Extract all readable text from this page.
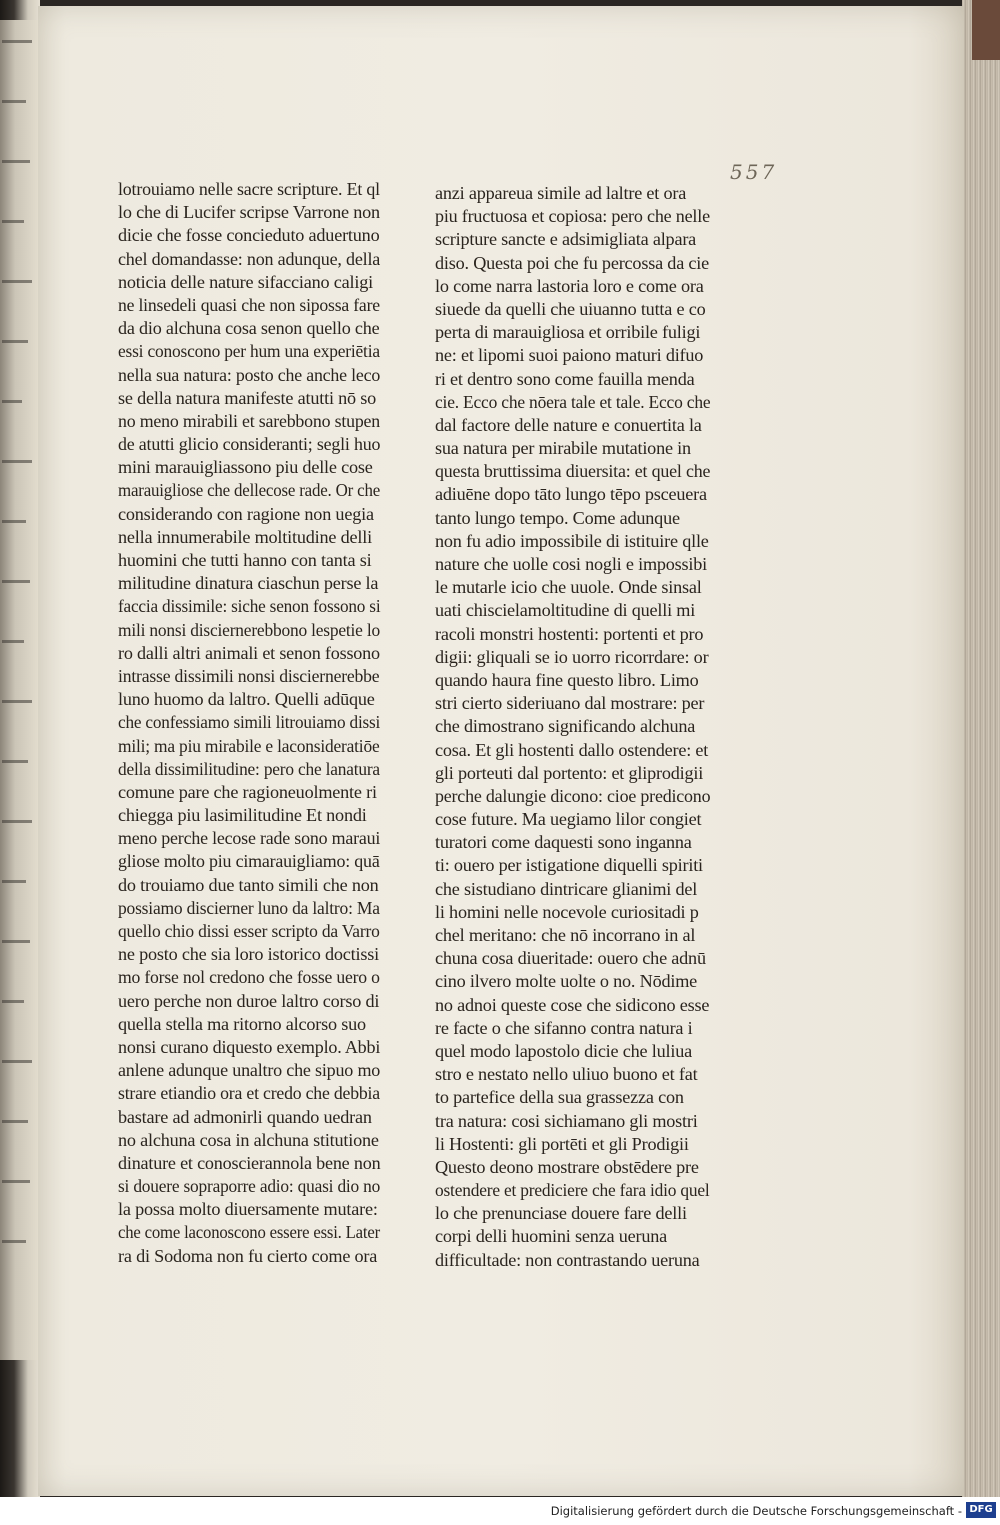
557
lotrouiamo nelle sacre scripture. Et ql
lo che di Lucifer scripse Varrone non
dicie che fosse concieduto aduertuno
chel domandasse: non adunque, della
noticia delle nature sifacciano caligi
ne linsedeli quasi che non sipossa fare
da dio alchuna cosa senon quello che
essi conoscono per hum una experiētia
nella sua natura: posto che anche leco
se della natura manifeste atutti nō so
no meno mirabili et sarebbono stupen
de atutti glicio consideranti; segli huo
mini marauigliassono piu delle cose
marauigliose che dellecose rade. Or che
considerando con ragione non uegia
nella innumerabile moltitudine delli
huomini che tutti hanno con tanta si
militudine dinatura ciaschun perse la
faccia dissimile: siche senon fossono si
mili nonsi disciernerebbono lespetie lo
ro dalli altri animali et senon fossono
intrasse dissimili nonsi disciernerebbe
luno huomo da laltro. Quelli adūque
che confessiamo simili litrouiamo dissi
mili; ma piu mirabile e laconsideratiōe
della dissimilitudine: pero che lanatura
comune pare che ragioneuolmente ri
chiegga piu lasimilitudine Et nondi
meno perche lecose rade sono maraui
gliose molto piu cimarauigliamo: quā
do trouiamo due tanto simili che non
possiamo discierner luno da laltro: Ma
quello chio dissi esser scripto da Varro
ne posto che sia loro istorico doctissi
mo forse nol credono che fosse uero o
uero perche non duroe laltro corso di
quella stella ma ritorno alcorso suo
nonsi curano diquesto exemplo. Abbi
anlene adunque unaltro che sipuo mo
strare etiandio ora et credo che debbia
bastare ad admonirli quando uedran
no alchuna cosa in alchuna stitutione
dinature et conoscierannola bene non
si douere sopraporre adio: quasi dio no
la possa molto diuersamente mutare:
che come laconoscono essere essi. Later
ra di Sodoma non fu cierto come ora
anzi appareua simile ad laltre et ora
piu fructuosa et copiosa: pero che nelle
scripture sancte e adsimigliata alpara
diso. Questa poi che fu percossa da cie
lo come narra lastoria loro e come ora
siuede da quelli che uiuanno tutta e co
perta di marauigliosa et orribile fuligi
ne: et lipomi suoi paiono maturi difuo
ri et dentro sono come fauilla menda
cie. Ecco che nōera tale et tale. Ecco che
dal factore delle nature e conuertita la
sua natura per mirabile mutatione in
questa bruttissima diuersita: et quel che
adiuēne dopo tāto lungo tēpo psceuera
tanto lungo tempo. Come adunque
non fu adio impossibile di istituire qlle
nature che uolle cosi nogli e impossibi
le mutarle icio che uuole. Onde sinsal
uati chiscielamoltitudine di quelli mi
racoli monstri hostenti: portenti et pro
digii: gliquali se io uorro ricorrdare: or
quando haura fine questo libro. Limo
stri cierto sideriuano dal mostrare: per
che dimostrano significando alchuna
cosa. Et gli hostenti dallo ostendere: et
gli porteuti dal portento: et gliprodigii
perche dalungie dicono: cioe predicono
cose future. Ma uegiamo lilor congiet
turatori come daquesti sono inganna
ti: ouero per istigatione diquelli spiriti
che sistudiano dintricare glianimi del
li homini nelle nocevole curiositadi p
chel meritano: che nō incorrano in al
chuna cosa diueritade: ouero che adnū
cino ilvero molte uolte o no. Nōdime
no adnoi queste cose che sidicono esse
re facte o che sifanno contra natura i
quel modo lapostolo dicie che luliua
stro e nestato nello uliuo buono et fat
to partefice della sua grassezza con
tra natura: cosi sichiamano gli mostri
li Hostenti: gli portēti et gli Prodigii
Questo deono mostrare obstēdere pre
ostendere et prediciere che fara idio quel
lo che prenunciase douere fare delli
corpi delli huomini senza ueruna
difficultade: non contrastando ueruna
Digitalisierung gefördert durch die Deutsche Forschungsgemeinschaft - DFG
